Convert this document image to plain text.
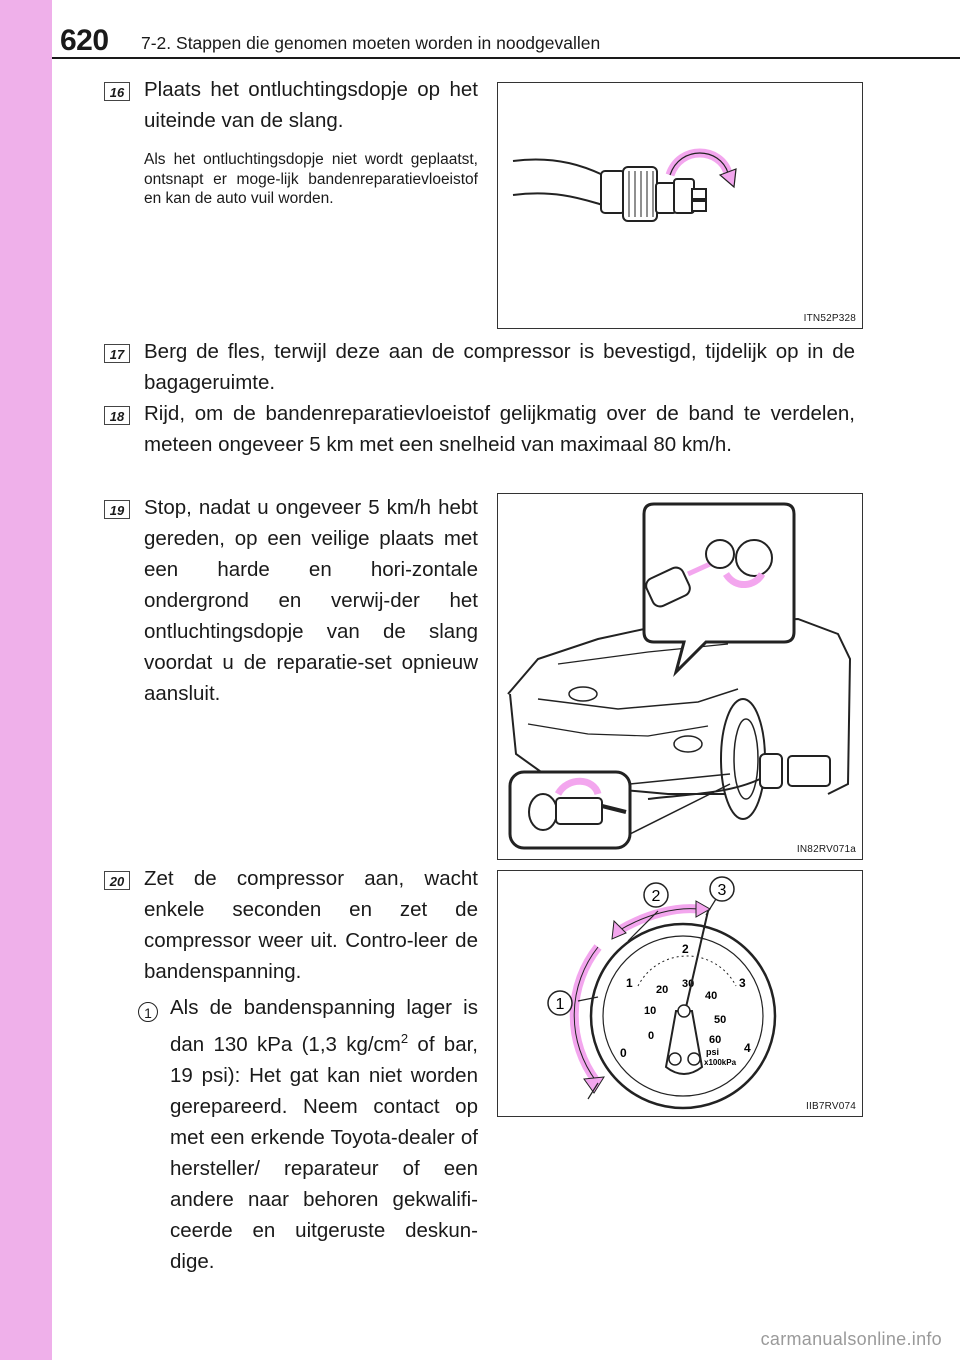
620 7-2. Stappen die genomen moeten worden in noodgevallen
16 Plaats het ontluchtingsdopje op het uiteinde van de slang.
Als het ontluchtingsdopje niet wordt geplaatst, ontsnapt er moge-lijk bandenreparatievloeistof en kan de auto vuil worden.
ITN52P328
17 Berg de fles, terwijl deze aan de compressor is bevestigd, tijdelijk op in de bagageruimte.
18 Rijd, om de bandenreparatievloeistof gelijkmatig over de band te verdelen, meteen ongeveer 5 km met een snelheid van maximaal 80 km/h.
19 Stop, nadat u ongeveer 5 km/h hebt gereden, op een veilige plaats met een harde en hori-zontale ondergrond en verwij-der het ontluchtingsdopje van de slang voordat u de reparatie-set opnieuw aansluit.
IN82RV071a
20 Zet de compressor aan, wacht enkele seconden en zet de compressor weer uit. Contro-leer de bandenspanning.
1 Als de bandenspanning lager is dan 130 kPa (1,3 $kg/cm^2$ of bar, 19 psi): Het gat kan niet worden gerepareerd. Neem contact op met een erkende Toyota-dealer of hersteller/ reparateur of een andere naar behoren gekwalifi-ceerde en uitgeruste deskun-dige.
0
10
20 30
40
50
60
0
1
2
3
4
psi
x100kPa
1
2	3
IIB7RV074
carmanualsonline.info
